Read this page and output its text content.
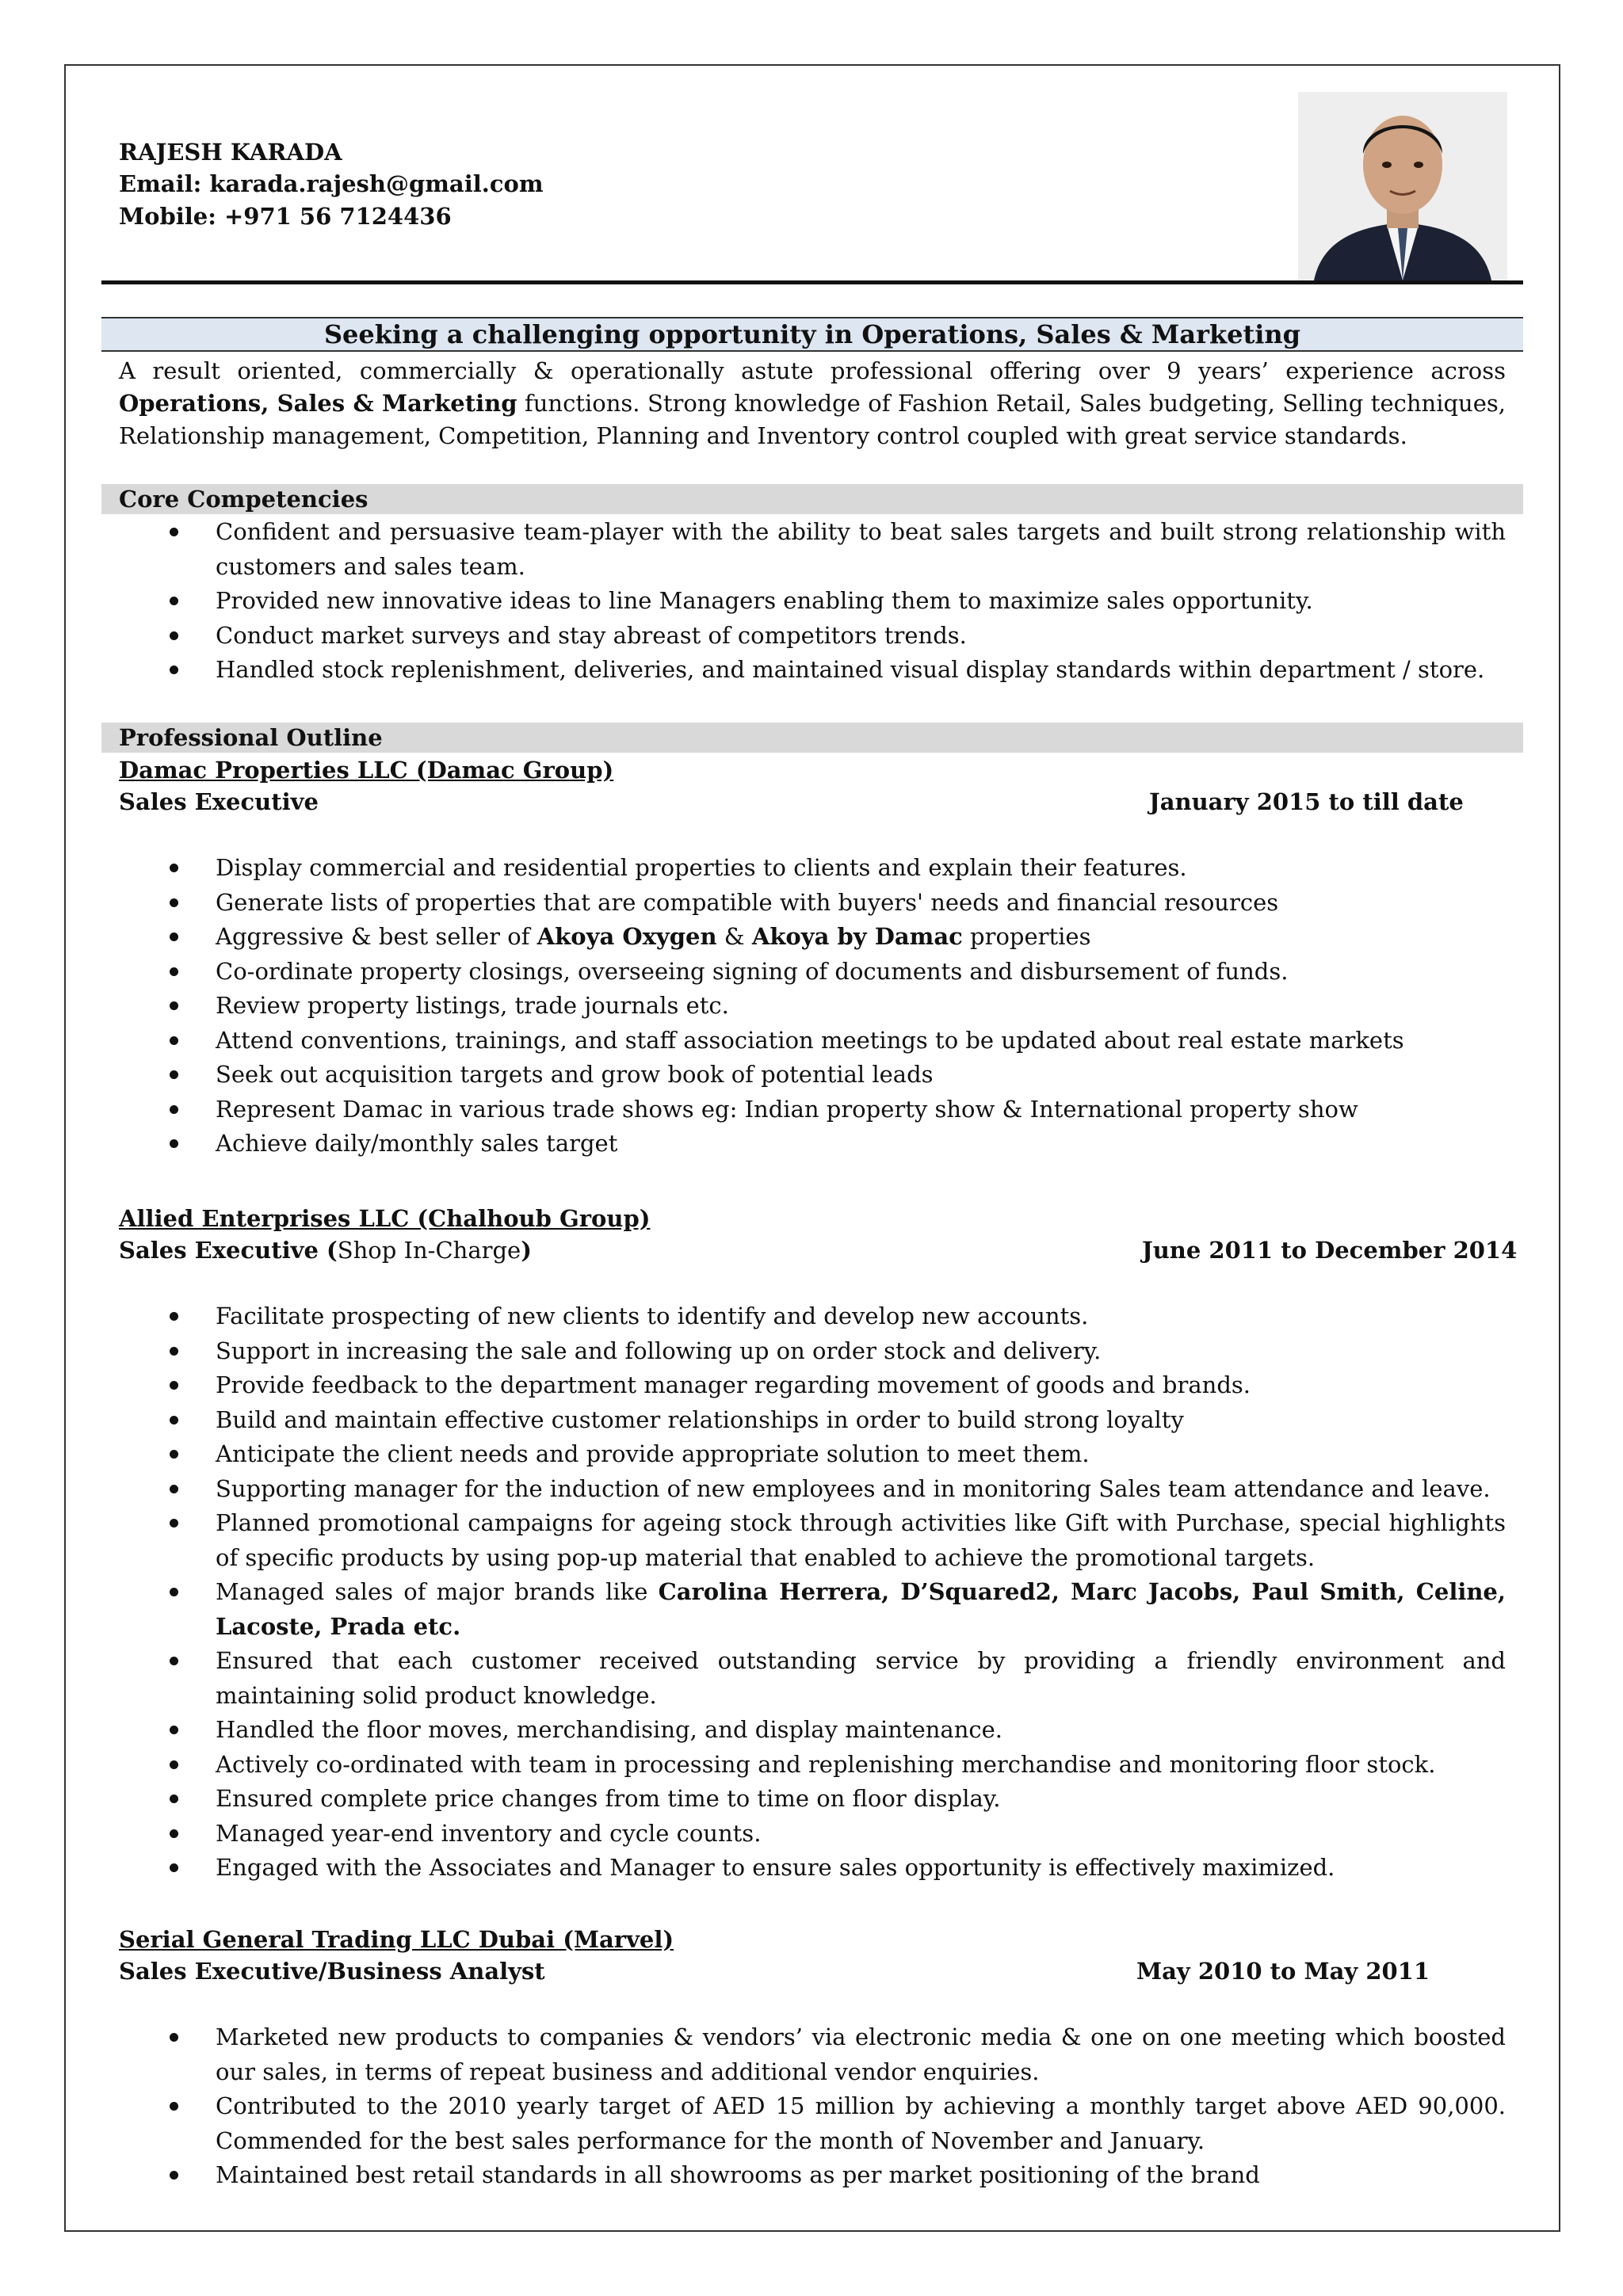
RAJESH KARADA
Email: karada.rajesh@gmail.com
Mobile: +971 56 7124436
Seeking a challenging opportunity in Operations, Sales & Marketing
A result oriented, commercially & operationally astute professional offering over 9 years’ experience across Operations, Sales & Marketing functions. Strong knowledge of Fashion Retail, Sales budgeting, Selling techniques, Relationship management, Competition, Planning and Inventory control coupled with great service standards.
Core Competencies
Confident and persuasive team-player with the ability to beat sales targets and built strong relationship with customers and sales team.
Provided new innovative ideas to line Managers enabling them to maximize sales opportunity.
Conduct market surveys and stay abreast of competitors trends.
Handled stock replenishment, deliveries, and maintained visual display standards within department / store.
Professional Outline
Damac Properties LLC (Damac Group)
Sales Executive	January 2015 to till date
Display commercial and residential properties to clients and explain their features.
Generate lists of properties that are compatible with buyers' needs and financial resources
Aggressive & best seller of Akoya Oxygen & Akoya by Damac properties
Co-ordinate property closings, overseeing signing of documents and disbursement of funds.
Review property listings, trade journals etc.
Attend conventions, trainings, and staff association meetings to be updated about real estate markets
Seek out acquisition targets and grow book of potential leads
Represent Damac in various trade shows eg: Indian property show & International property show
Achieve daily/monthly sales target
Allied Enterprises LLC (Chalhoub Group)
Sales Executive (Shop In-Charge)	June 2011 to December 2014
Facilitate prospecting of new clients to identify and develop new accounts.
Support in increasing the sale and following up on order stock and delivery.
Provide feedback to the department manager regarding movement of goods and brands.
Build and maintain effective customer relationships in order to build strong loyalty
Anticipate the client needs and provide appropriate solution to meet them.
Supporting manager for the induction of new employees and in monitoring Sales team attendance and leave.
Planned promotional campaigns for ageing stock through activities like Gift with Purchase, special highlights of specific products by using pop-up material that enabled to achieve the promotional targets.
Managed sales of major brands like Carolina Herrera, D’Squared2, Marc Jacobs, Paul Smith, Celine, Lacoste, Prada etc.
Ensured that each customer received outstanding service by providing a friendly environment and maintaining solid product knowledge.
Handled the floor moves, merchandising, and display maintenance.
Actively co-ordinated with team in processing and replenishing merchandise and monitoring floor stock.
Ensured complete price changes from time to time on floor display.
Managed year-end inventory and cycle counts.
Engaged with the Associates and Manager to ensure sales opportunity is effectively maximized.
Serial General Trading LLC Dubai (Marvel)
Sales Executive/Business Analyst	May 2010 to May 2011
Marketed new products to companies & vendors’ via electronic media & one on one meeting which boosted our sales, in terms of repeat business and additional vendor enquiries.
Contributed to the 2010 yearly target of AED 15 million by achieving a monthly target above AED 90,000. Commended for the best sales performance for the month of November and January.
Maintained best retail standards in all showrooms as per market positioning of the brand
